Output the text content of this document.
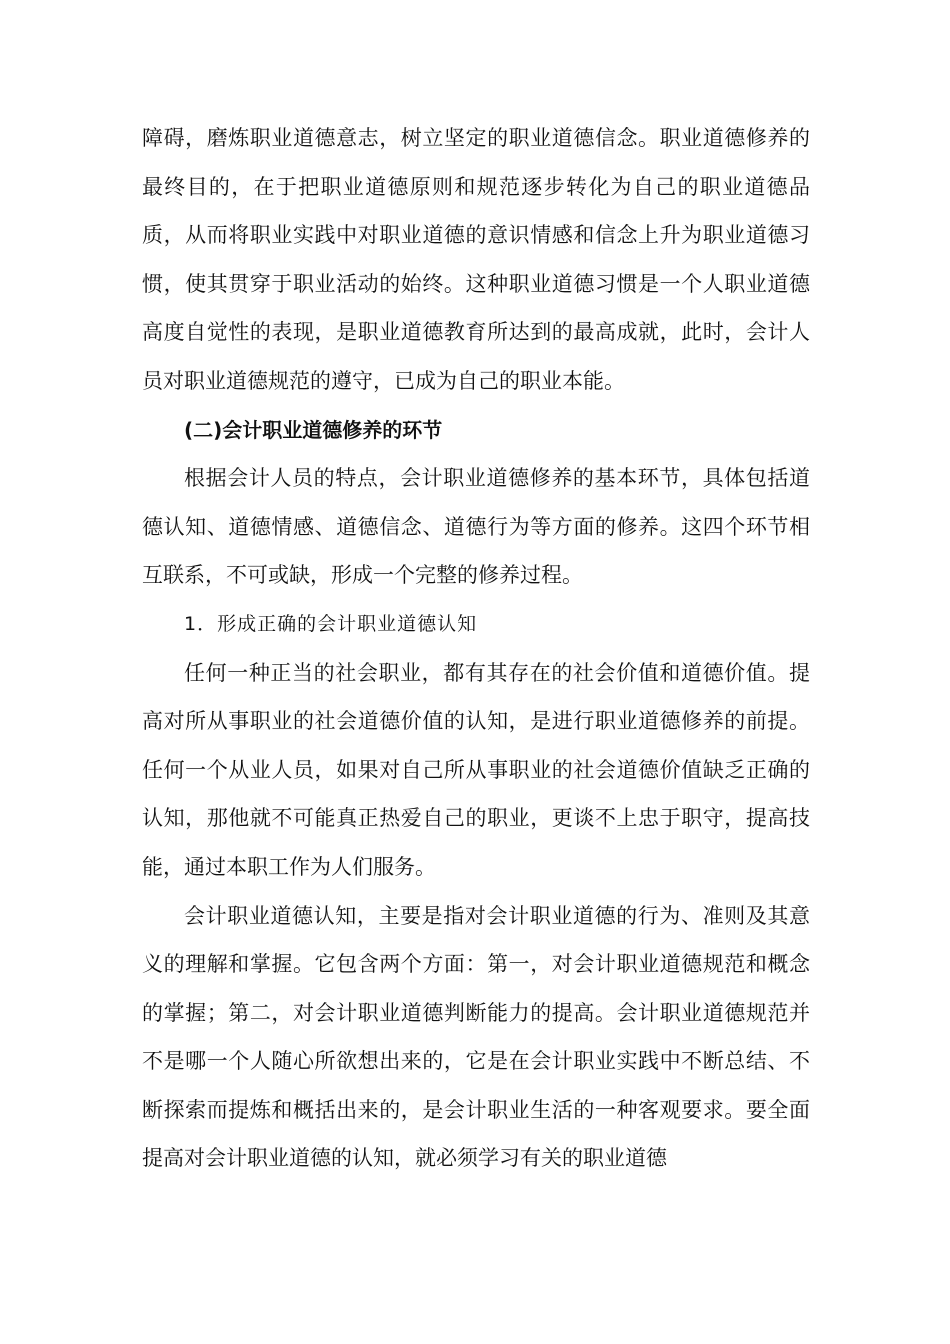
障碍，磨炼职业道德意志，树立坚定的职业道德信念。职业道德修养的最终目的，在于把职业道德原则和规范逐步转化为自己的职业道德品质，从而将职业实践中对职业道德的意识情感和信念上升为职业道德习惯，使其贯穿于职业活动的始终。这种职业道德习惯是一个人职业道德高度自觉性的表现，是职业道德教育所达到的最高成就，此时，会计人员对职业道德规范的遵守，已成为自己的职业本能。

(二)会计职业道德修养的环节

根据会计人员的特点，会计职业道德修养的基本环节，具体包括道德认知、道德情感、道德信念、道德行为等方面的修养。这四个环节相互联系，不可或缺，形成一个完整的修养过程。

1．形成正确的会计职业道德认知

任何一种正当的社会职业，都有其存在的社会价值和道德价值。提高对所从事职业的社会道德价值的认知，是进行职业道德修养的前提。任何一个从业人员，如果对自己所从事职业的社会道德价值缺乏正确的认知，那他就不可能真正热爱自己的职业，更谈不上忠于职守，提高技能，通过本职工作为人们服务。

会计职业道德认知，主要是指对会计职业道德的行为、准则及其意义的理解和掌握。它包含两个方面：第一，对会计职业道德规范和概念的掌握；第二，对会计职业道德判断能力的提高。会计职业道德规范并不是哪一个人随心所欲想出来的，它是在会计职业实践中不断总结、不断探索而提炼和概括出来的，是会计职业生活的一种客观要求。要全面提高对会计职业道德的认知，就必须学习有关的职业道德
